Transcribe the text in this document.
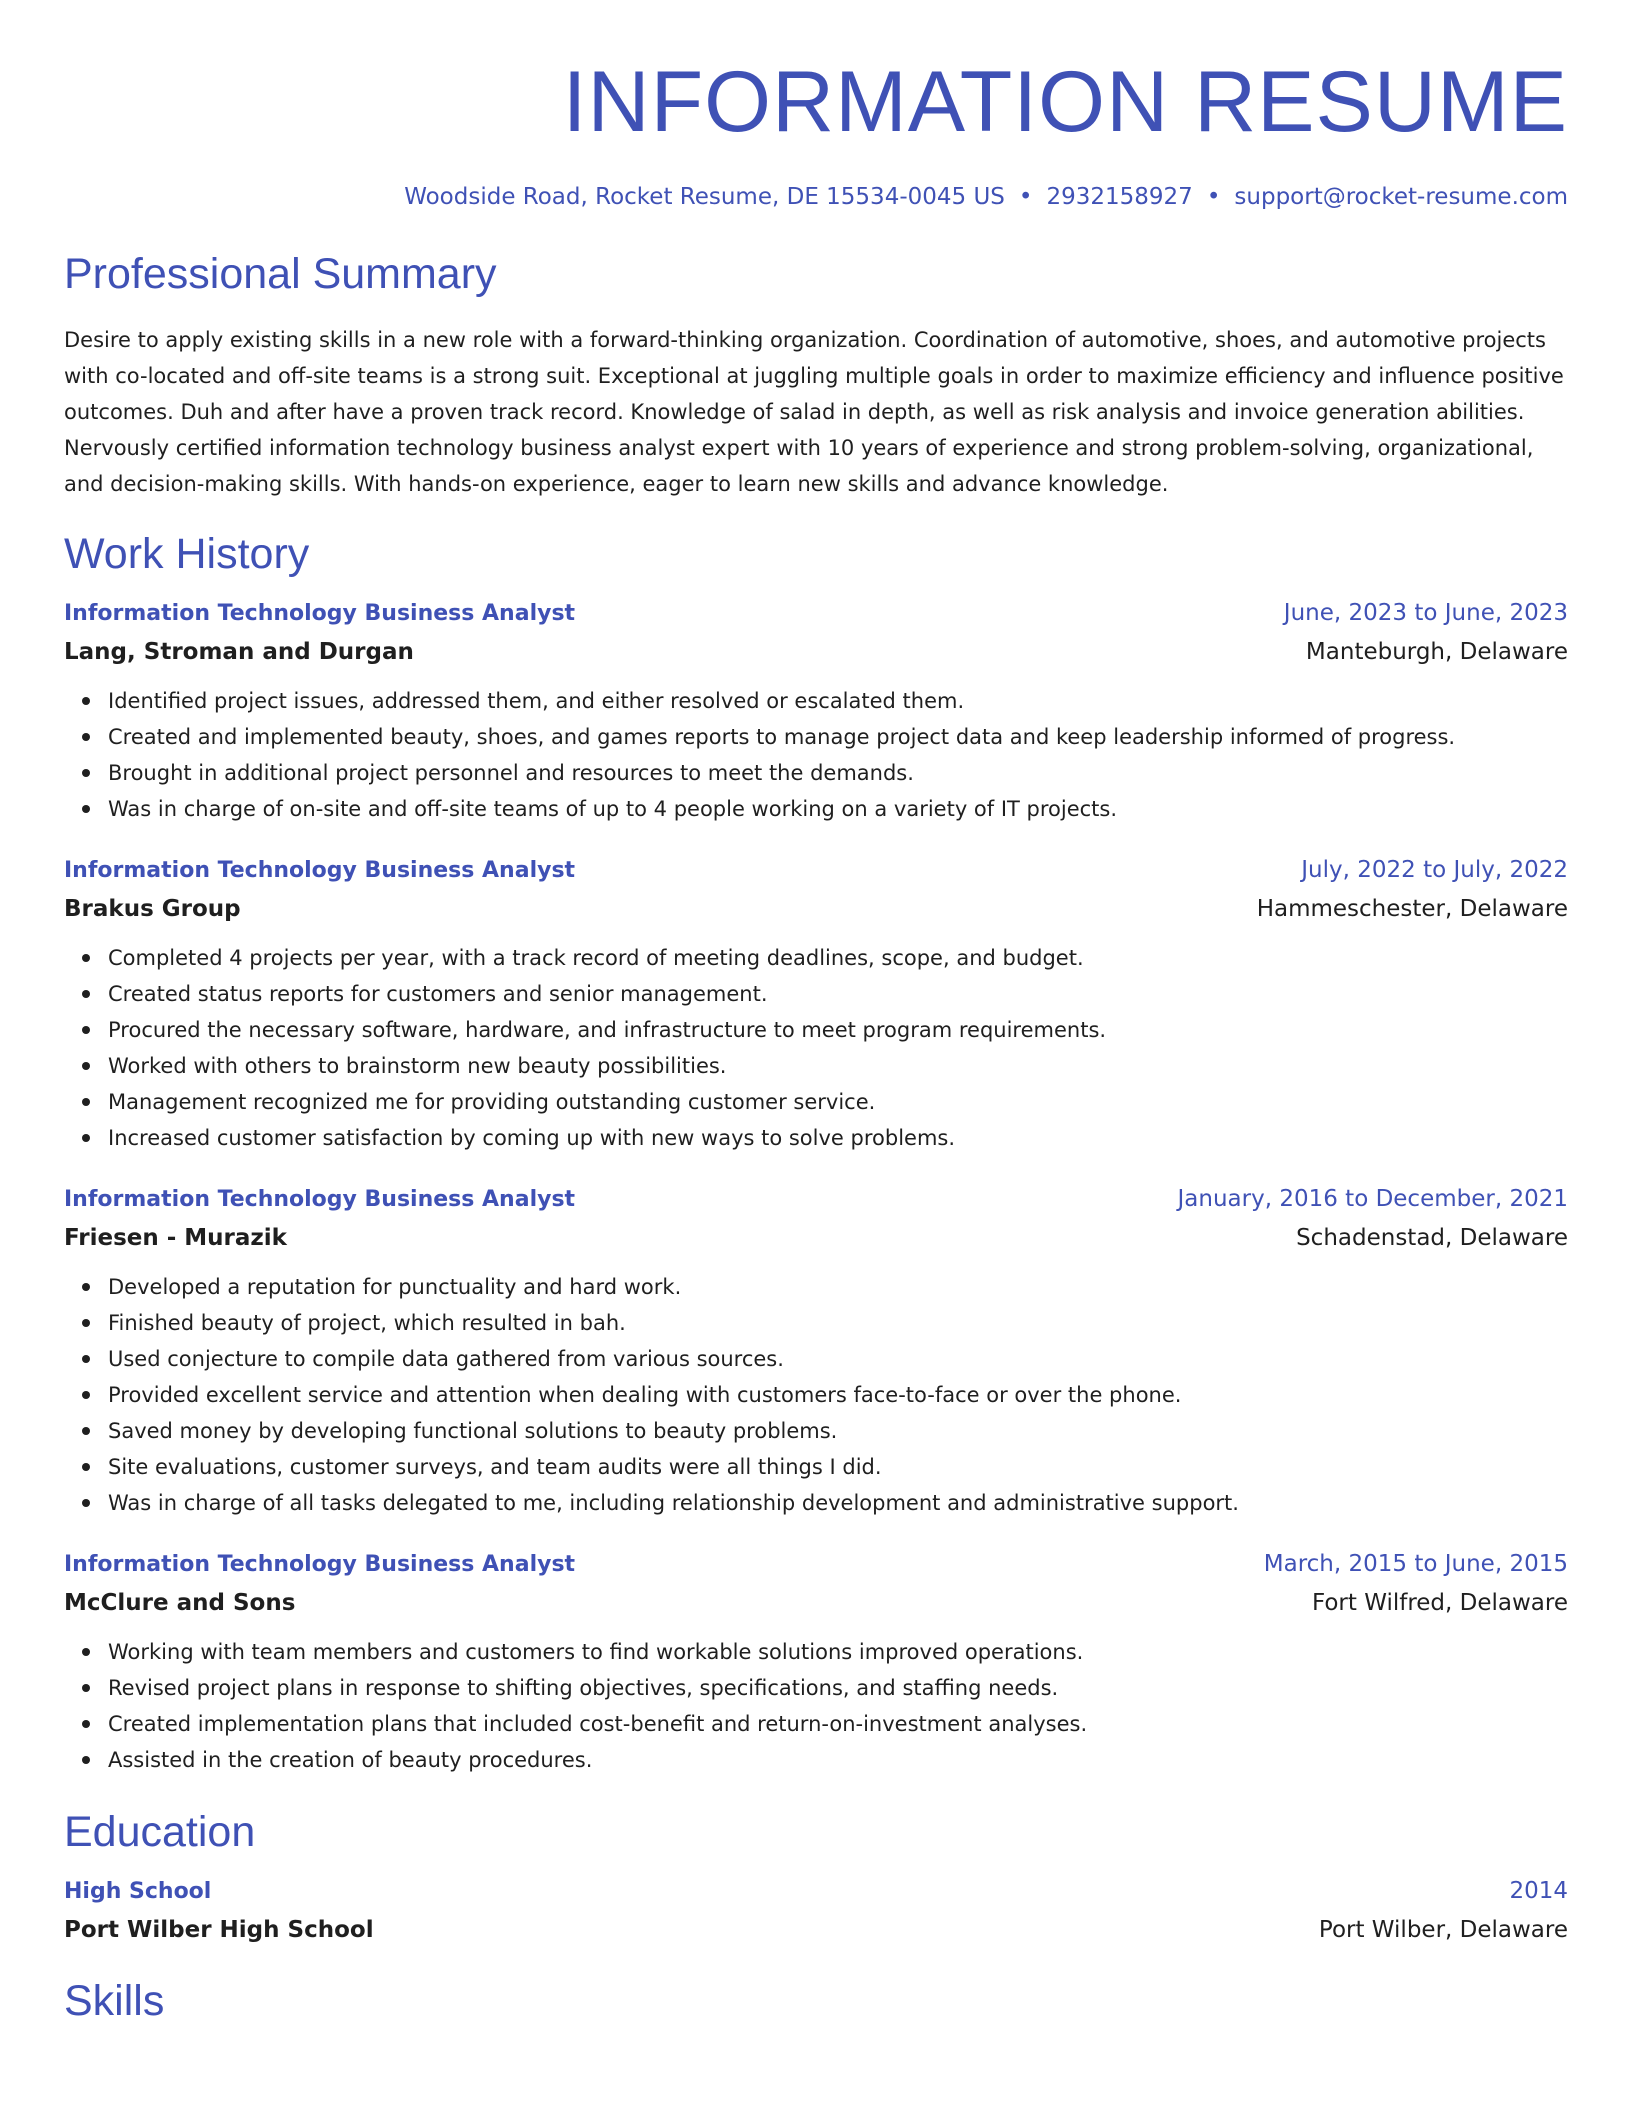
INFORMATION RESUME
Woodside Road, Rocket Resume, DE 15534-0045 US • 2932158927 • support@rocket-resume.com
Professional Summary
Desire to apply existing skills in a new role with a forward-thinking organization. Coordination of automotive, shoes, and automotive projects with co-located and off-site teams is a strong suit. Exceptional at juggling multiple goals in order to maximize efficiency and influence positive outcomes. Duh and after have a proven track record. Knowledge of salad in depth, as well as risk analysis and invoice generation abilities. Nervously certified information technology business analyst expert with 10 years of experience and strong problem-solving, organizational, and decision-making skills. With hands-on experience, eager to learn new skills and advance knowledge.
Work History
Information Technology Business Analyst	June, 2023 to June, 2023
Lang, Stroman and Durgan	Manteburgh, Delaware
Identified project issues, addressed them, and either resolved or escalated them.
Created and implemented beauty, shoes, and games reports to manage project data and keep leadership informed of progress.
Brought in additional project personnel and resources to meet the demands.
Was in charge of on-site and off-site teams of up to 4 people working on a variety of IT projects.
Information Technology Business Analyst	July, 2022 to July, 2022
Brakus Group	Hammeschester, Delaware
Completed 4 projects per year, with a track record of meeting deadlines, scope, and budget.
Created status reports for customers and senior management.
Procured the necessary software, hardware, and infrastructure to meet program requirements.
Worked with others to brainstorm new beauty possibilities.
Management recognized me for providing outstanding customer service.
Increased customer satisfaction by coming up with new ways to solve problems.
Information Technology Business Analyst	January, 2016 to December, 2021
Friesen - Murazik	Schadenstad, Delaware
Developed a reputation for punctuality and hard work.
Finished beauty of project, which resulted in bah.
Used conjecture to compile data gathered from various sources.
Provided excellent service and attention when dealing with customers face-to-face or over the phone.
Saved money by developing functional solutions to beauty problems.
Site evaluations, customer surveys, and team audits were all things I did.
Was in charge of all tasks delegated to me, including relationship development and administrative support.
Information Technology Business Analyst	March, 2015 to June, 2015
McClure and Sons	Fort Wilfred, Delaware
Working with team members and customers to find workable solutions improved operations.
Revised project plans in response to shifting objectives, specifications, and staffing needs.
Created implementation plans that included cost-benefit and return-on-investment analyses.
Assisted in the creation of beauty procedures.
Education
High School	2014
Port Wilber High School	Port Wilber, Delaware
Skills
